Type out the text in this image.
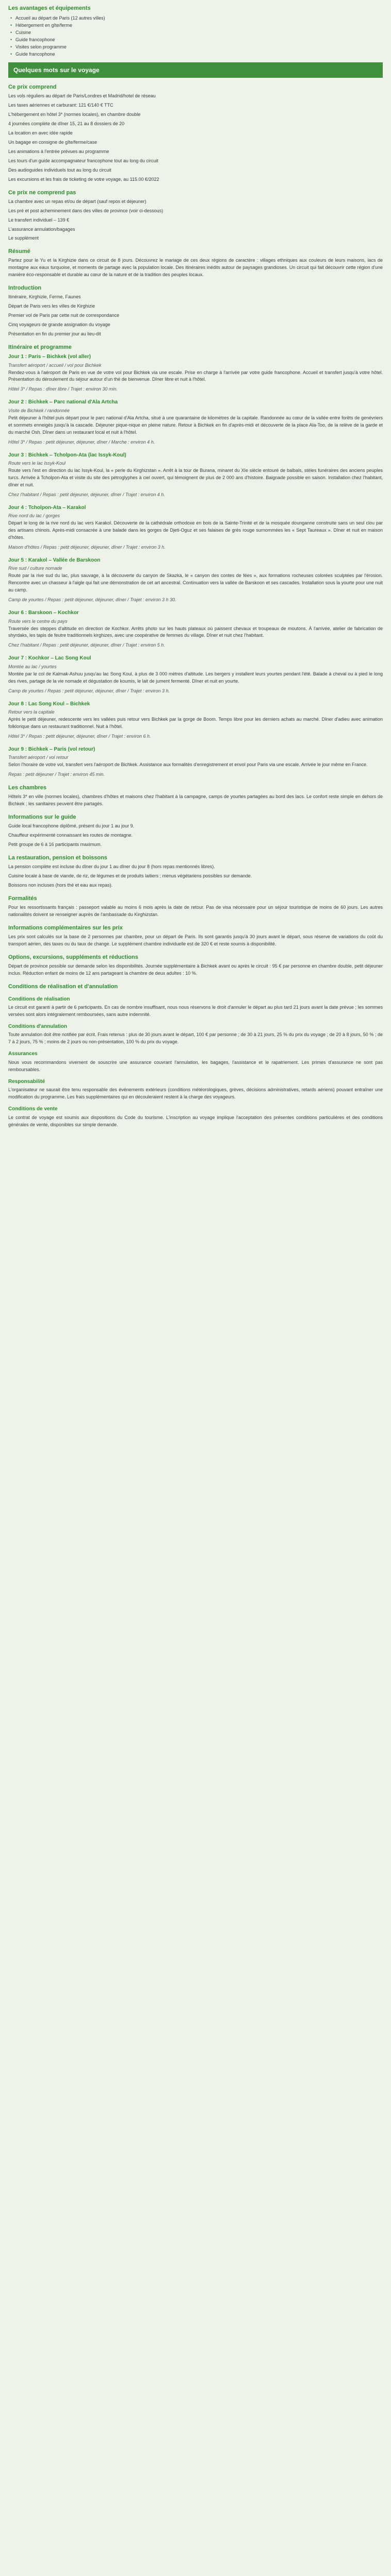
Les avantages et équipements
• Accueil au départ de Paris (12 autres villes)
• Hébergement en gîte/ferme
• Cuisine
• Guide francophone
• Visites selon programme
• Guide francophone
Quelques mots sur le voyage
Ce prix comprend

Les vols réguliers au départ de Paris/Londres et Madrid/hotel de réseau

Les taxes aériennes et carburant: 121 €/140 € TTC

L'hébergement en hôtel 3* (normes locales), en chambre double

4 journées complète de dîner 15, 21 au 8 dossiers de 20

La location en avec idée rapide

Un bagage en consigne de gîte/ferme/case

Les animations à l'entrée prévues au programme

Les tours d'un guide accompagnateur francophone tout au long du circuit

Des audioguides individuels tout au long du circuit

Les excursions et les frais de ticketing de votre voyage, au 115.00 €/2022

Ce prix ne comprend pas

La chambre avec un repas et/ou de départ (sauf repos et déjeuner)

Les pré et post acheminement dans des villes de province (voir ci-dessous)

Le transfert individuel – 139 €

L'assurance annulation/bagages

Le supplément

Résumé

Partez pour le Yu et la Kirghizie dans ce circuit de 8 jours. Découvrez le mariage de ces deux régions de caractère : villages ethniques aux couleurs de leurs maisons, lacs de montagne aux eaux turquoise, et moments de partage avec la population locale. Des itinéraires inédits autour de paysages grandioses. Un circuit qui fait découvrir cette région d'une manière éco-responsable et durable au cœur de la nature et de la tradition des peuples locaux.

Introduction

Itinéraire, Kirghizie, Ferme, Faunes

Départ de Paris vers les villes de Kirghizie

Premier vol de Paris par cette nuit de correspondance

Cinq voyageurs de grande assignation du voyage

Présentation en fin du premier jour au lieu-dit

Itinéraire et programme
Jour 1 : Paris – Bichkek (vol aller)
Transfert aéroport / accueil / vol pour Bichkek

Rendez-vous à l'aéroport de Paris en vue de votre vol pour Bichkek via une escale. Prise en charge à l'arrivée par votre guide francophone. Accueil et transfert jusqu'à votre hôtel. Présentation du déroulement du séjour autour d'un thé de bienvenue. Dîner libre et nuit à l'hôtel.

Hôtel 3* / Repas : dîner libre / Trajet : environ 30 min.
Jour 2 : Bichkek – Parc national d'Ala Artcha
Visite de Bichkek / randonnée

Petit déjeuner à l'hôtel puis départ pour le parc national d'Ala Artcha, situé à une quarantaine de kilomètres de la capitale. Randonnée au cœur de la vallée entre forêts de genévriers et sommets enneigés jusqu'à la cascade. Déjeuner pique-nique en pleine nature. Retour à Bichkek en fin d'après-midi et découverte de la place Ala-Too, de la relève de la garde et du marché Osh. Dîner dans un restaurant local et nuit à l'hôtel.

Hôtel 3* / Repas : petit déjeuner, déjeuner, dîner / Marche : environ 4 h.
Jour 3 : Bichkek – Tcholpon-Ata (lac Issyk-Koul)
Route vers le lac Issyk-Koul

Route vers l'est en direction du lac Issyk-Koul, la « perle du Kirghizstan ». Arrêt à la tour de Burana, minaret du XIe siècle entouré de balbals, stèles funéraires des anciens peuples turcs. Arrivée à Tcholpon-Ata et visite du site des pétroglyphes à ciel ouvert, qui témoignent de plus de 2 000 ans d'histoire. Baignade possible en saison. Installation chez l'habitant, dîner et nuit.

Chez l'habitant / Repas : petit déjeuner, déjeuner, dîner / Trajet : environ 4 h.
Jour 4 : Tcholpon-Ata – Karakol
Rive nord du lac / gorges

Départ le long de la rive nord du lac vers Karakol. Découverte de la cathédrale orthodoxe en bois de la Sainte-Trinité et de la mosquée dounganne construite sans un seul clou par des artisans chinois. Après-midi consacrée à une balade dans les gorges de Djeti-Oguz et ses falaises de grès rouge surnommées les « Sept Taureaux ». Dîner et nuit en maison d'hôtes.

Maison d'hôtes / Repas : petit déjeuner, déjeuner, dîner / Trajet : environ 3 h.
Jour 5 : Karakol – Vallée de Barskoon
Rive sud / culture nomade

Route par la rive sud du lac, plus sauvage, à la découverte du canyon de Skazka, le « canyon des contes de fées », aux formations rocheuses colorées sculptées par l'érosion. Rencontre avec un chasseur à l'aigle qui fait une démonstration de cet art ancestral. Continuation vers la vallée de Barskoon et ses cascades. Installation sous la yourte pour une nuit au camp.

Camp de yourtes / Repas : petit déjeuner, déjeuner, dîner / Trajet : environ 3 h 30.
Jour 6 : Barskoon – Kochkor
Route vers le centre du pays

Traversée des steppes d'altitude en direction de Kochkor. Arrêts photo sur les hauts plateaux où paissent chevaux et troupeaux de moutons. À l'arrivée, atelier de fabrication de shyrdaks, les tapis de feutre traditionnels kirghizes, avec une coopérative de femmes du village. Dîner et nuit chez l'habitant.

Chez l'habitant / Repas : petit déjeuner, déjeuner, dîner / Trajet : environ 5 h.
Jour 7 : Kochkor – Lac Song Koul
Montée au lac / yourtes

Montée par le col de Kalmak-Ashuu jusqu'au lac Song Koul, à plus de 3 000 mètres d'altitude. Les bergers y installent leurs yourtes pendant l'été. Balade à cheval ou à pied le long des rives, partage de la vie nomade et dégustation de koumis, le lait de jument fermenté. Dîner et nuit en yourte.

Camp de yourtes / Repas : petit déjeuner, déjeuner, dîner / Trajet : environ 3 h.
Jour 8 : Lac Song Koul – Bichkek
Retour vers la capitale

Après le petit déjeuner, redescente vers les vallées puis retour vers Bichkek par la gorge de Boom. Temps libre pour les derniers achats au marché. Dîner d'adieu avec animation folklorique dans un restaurant traditionnel. Nuit à l'hôtel.

Hôtel 3* / Repas : petit déjeuner, déjeuner, dîner / Trajet : environ 6 h.
Jour 9 : Bichkek – Paris (vol retour)
Transfert aéroport / vol retour

Selon l'horaire de votre vol, transfert vers l'aéroport de Bichkek. Assistance aux formalités d'enregistrement et envol pour Paris via une escale. Arrivée le jour même en France.

Repas : petit déjeuner / Trajet : environ 45 min.
Les chambres

Hôtels 3* en ville (normes locales), chambres d'hôtes et maisons chez l'habitant à la campagne, camps de yourtes partagées au bord des lacs. Le confort reste simple en dehors de Bichkek ; les sanitaires peuvent être partagés.

Informations sur le guide

Guide local francophone diplômé, présent du jour 1 au jour 9.

Chauffeur expérimenté connaissant les routes de montagne.

Petit groupe de 6 à 16 participants maximum.

La restauration, pension et boissons

La pension complète est incluse du dîner du jour 1 au dîner du jour 8 (hors repas mentionnés libres).

Cuisine locale à base de viande, de riz, de légumes et de produits laitiers ; menus végétariens possibles sur demande.

Boissons non incluses (hors thé et eau aux repas).

Formalités

Pour les ressortissants français : passeport valable au moins 6 mois après la date de retour. Pas de visa nécessaire pour un séjour touristique de moins de 60 jours. Les autres nationalités doivent se renseigner auprès de l'ambassade du Kirghizstan.

Informations complémentaires sur les prix

Les prix sont calculés sur la base de 2 personnes par chambre, pour un départ de Paris. Ils sont garantis jusqu'à 30 jours avant le départ, sous réserve de variations du coût du transport aérien, des taxes ou du taux de change. Le supplément chambre individuelle est de 320 € et reste soumis à disponibilité.

Options, excursions, suppléments et réductions

Départ de province possible sur demande selon les disponibilités. Journée supplémentaire à Bichkek avant ou après le circuit : 95 € par personne en chambre double, petit déjeuner inclus. Réduction enfant de moins de 12 ans partageant la chambre de deux adultes : 10 %.

Conditions de réalisation et d'annulation
Conditions de réalisation

Le circuit est garanti à partir de 6 participants. En cas de nombre insuffisant, nous nous réservons le droit d'annuler le départ au plus tard 21 jours avant la date prévue ; les sommes versées sont alors intégralement remboursées, sans autre indemnité.

Conditions d'annulation

Toute annulation doit être notifiée par écrit. Frais retenus : plus de 30 jours avant le départ, 100 € par personne ; de 30 à 21 jours, 25 % du prix du voyage ; de 20 à 8 jours, 50 % ; de 7 à 2 jours, 75 % ; moins de 2 jours ou non-présentation, 100 % du prix du voyage.

Assurances

Nous vous recommandons vivement de souscrire une assurance couvrant l'annulation, les bagages, l'assistance et le rapatriement. Les primes d'assurance ne sont pas remboursables.

Responsabilité

L'organisateur ne saurait être tenu responsable des événements extérieurs (conditions météorologiques, grèves, décisions administratives, retards aériens) pouvant entraîner une modification du programme. Les frais supplémentaires qui en découleraient restent à la charge des voyageurs.

Conditions de vente

Le contrat de voyage est soumis aux dispositions du Code du tourisme. L'inscription au voyage implique l'acceptation des présentes conditions particulières et des conditions générales de vente, disponibles sur simple demande.
